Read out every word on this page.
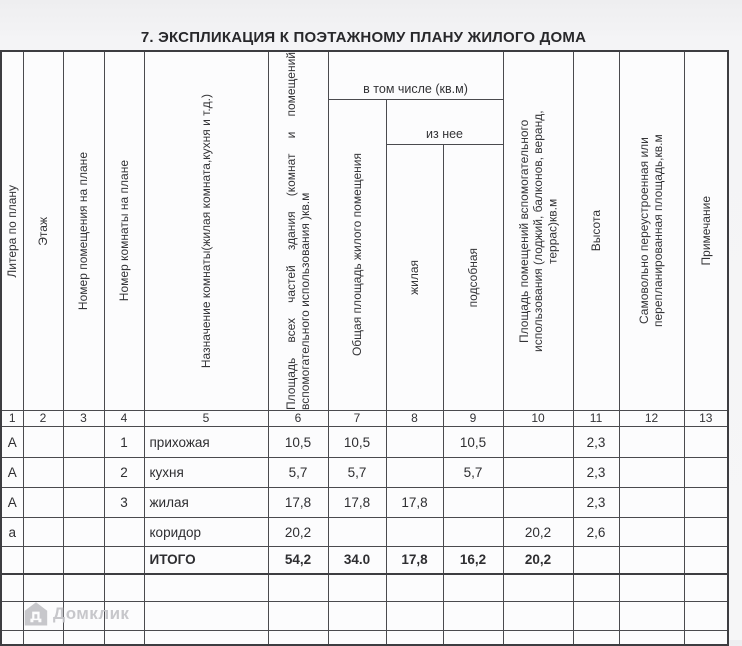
7. ЭКСПЛИКАЦИЯ К ПОЭТАЖНОМУ ПЛАНУ ЖИЛОГО ДОМА
Литера по плану	Этаж	Номер помещения на плане	Номер комнаты на плане	Назначение комнаты(жилая комната,кухня и т.д.)	Площадь всех частей здания (комнат и помещений вспомогательного использования )кв.м	в том числе (кв.м)			Площадь помещений вспомогательного использования (лоджий, балконов, веранд, террас)кв.м	Высота	Самовольно переустроенная или перепланированная площадь,кв.м	Примечание
						Общая площадь жилого помещения	из нее					
							жилая	подсобная				
1	2	3	4	5	6	7	8	9	10	11	12	13
А			1	прихожая	10,5	10,5		10,5		2,3		
А			2	кухня	5,7	5,7		5,7		2,3		
А			3	жилая	17,8	17,8	17,8			2,3		
а				коридор	20,2				20,2	2,6		
				ИТОГО	54,2	34.0	17,8	16,2	20,2			

Домклик
